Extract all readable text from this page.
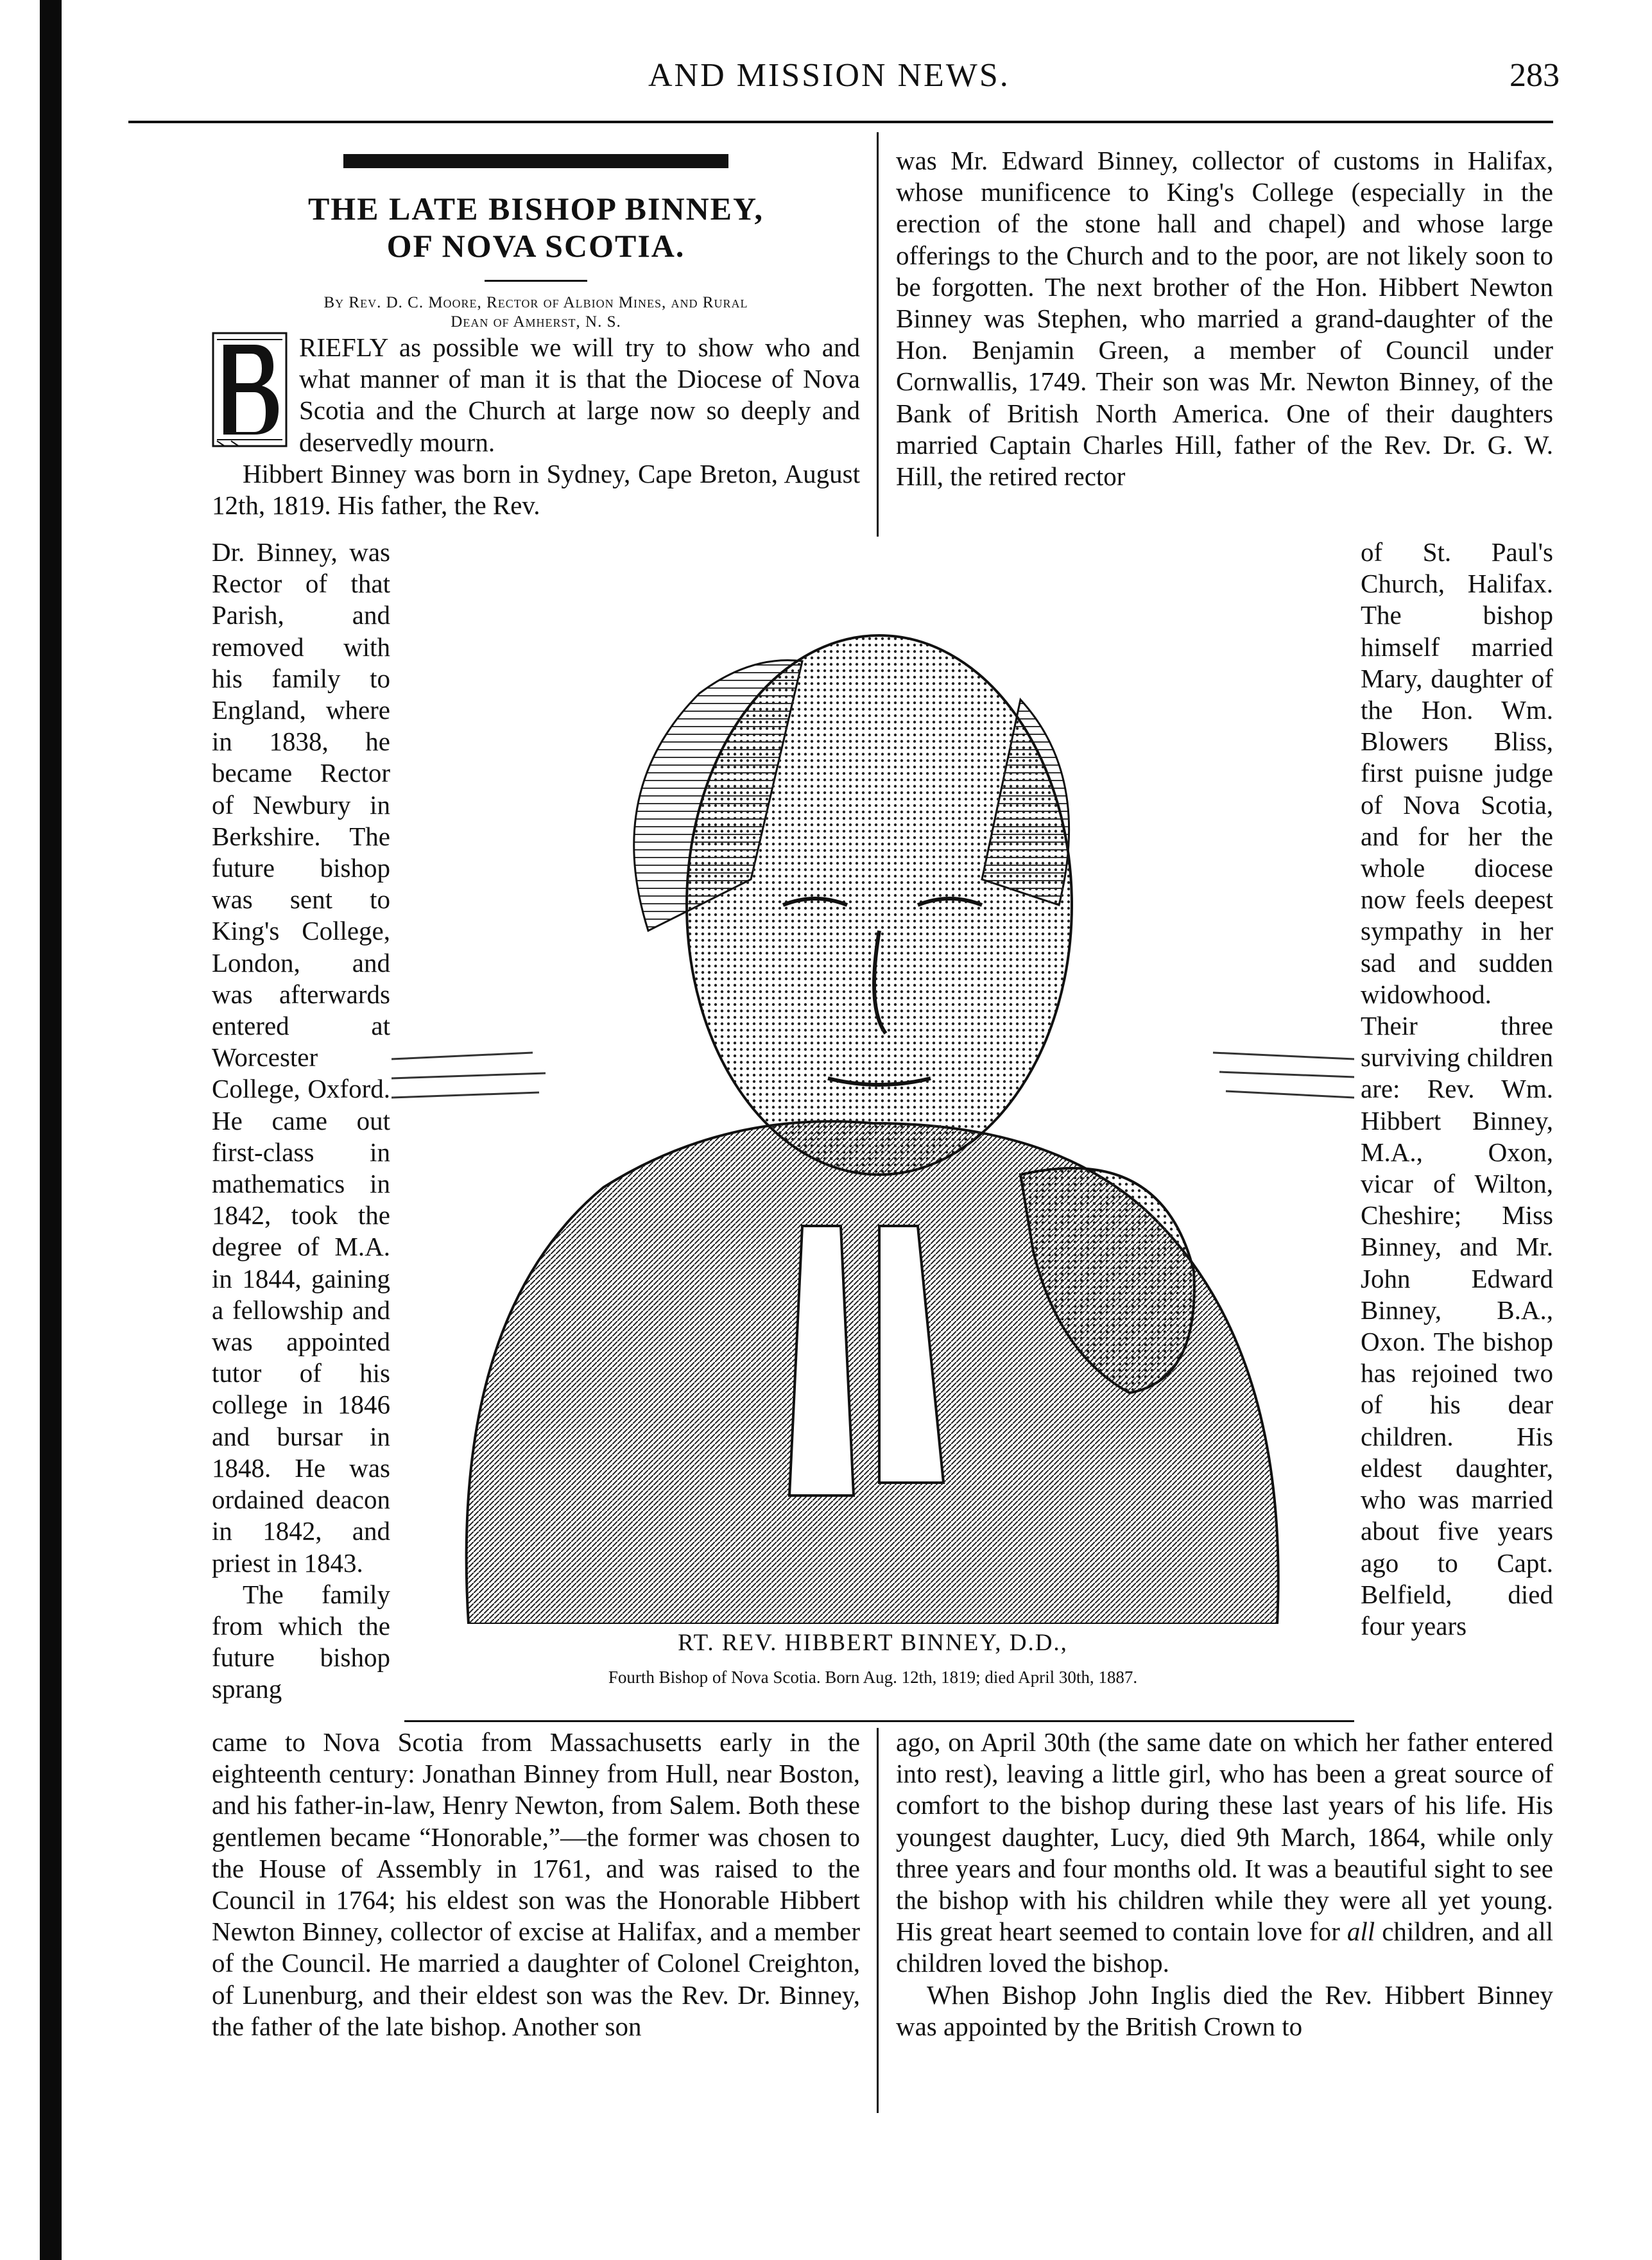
AND MISSION NEWS.	283
THE LATE BISHOP BINNEY,
OF NOVA SCOTIA.

By Rev. D. C. Moore, Rector of Albion Mines, and Rural
Dean of Amherst, N. S.

RIEFLY as possible we will try to show who and what manner of man it is that the Diocese of Nova Scotia and the Church at large now so deeply and deservedly mourn.

Hibbert Binney was born in Sydney, Cape Breton, August 12th, 1819. His father, the Rev.

was Mr. Edward Binney, collector of customs in Halifax, whose munificence to King's College (especially in the erection of the stone hall and chapel) and whose large offerings to the Church and to the poor, are not likely soon to be forgotten. The next brother of the Hon. Hibbert Newton Binney was Stephen, who married a grand-daughter of the Hon. Benjamin Green, a member of Council under Cornwallis, 1749. Their son was Mr. Newton Binney, of the Bank of British North America. One of their daughters married Captain Charles Hill, father of the Rev. Dr. G. W. Hill, the retired rector

Dr. Binney, was Rector of that Parish, and removed with his family to England, where in 1838, he became Rector of Newbury in Berkshire. The future bishop was sent to King's College, London, and was afterwards entered at Worcester College, Oxford. He came out first-class in mathematics in 1842, took the degree of M.A. in 1844, gaining a fellowship and was appointed tutor of his college in 1846 and bursar in 1848. He was ordained deacon in 1842, and priest in 1843.

The family from which the future bishop sprang

of St. Paul's Church, Halifax. The bishop himself married Mary, daughter of the Hon. Wm. Blowers Bliss, first puisne judge of Nova Scotia, and for her the whole diocese now feels deepest sympathy in her sad and sudden widowhood. Their three surviving children are: Rev. Wm. Hibbert Binney, M.A., Oxon, vicar of Wilton, Cheshire; Miss Binney, and Mr. John Edward Binney, B.A., Oxon. The bishop has rejoined two of his dear children. His eldest daughter, who was married about five years ago to Capt. Belfield, died four years

RT. REV. HIBBERT BINNEY, D.D.,

Fourth Bishop of Nova Scotia. Born Aug. 12th, 1819; died April 30th, 1887.

came to Nova Scotia from Massachusetts early in the eighteenth century: Jonathan Binney from Hull, near Boston, and his father-in-law, Henry Newton, from Salem. Both these gentlemen became “Honorable,”—the former was chosen to the House of Assembly in 1761, and was raised to the Council in 1764; his eldest son was the Honorable Hibbert Newton Binney, collector of excise at Halifax, and a member of the Council. He married a daughter of Colonel Creighton, of Lunenburg, and their eldest son was the Rev. Dr. Binney, the father of the late bishop. Another son

ago, on April 30th (the same date on which her father entered into rest), leaving a little girl, who has been a great source of comfort to the bishop during these last years of his life. His youngest daughter, Lucy, died 9th March, 1864, while only three years and four months old. It was a beautiful sight to see the bishop with his children while they were all yet young. His great heart seemed to contain love for all children, and all children loved the bishop.

When Bishop John Inglis died the Rev. Hibbert Binney was appointed by the British Crown to
